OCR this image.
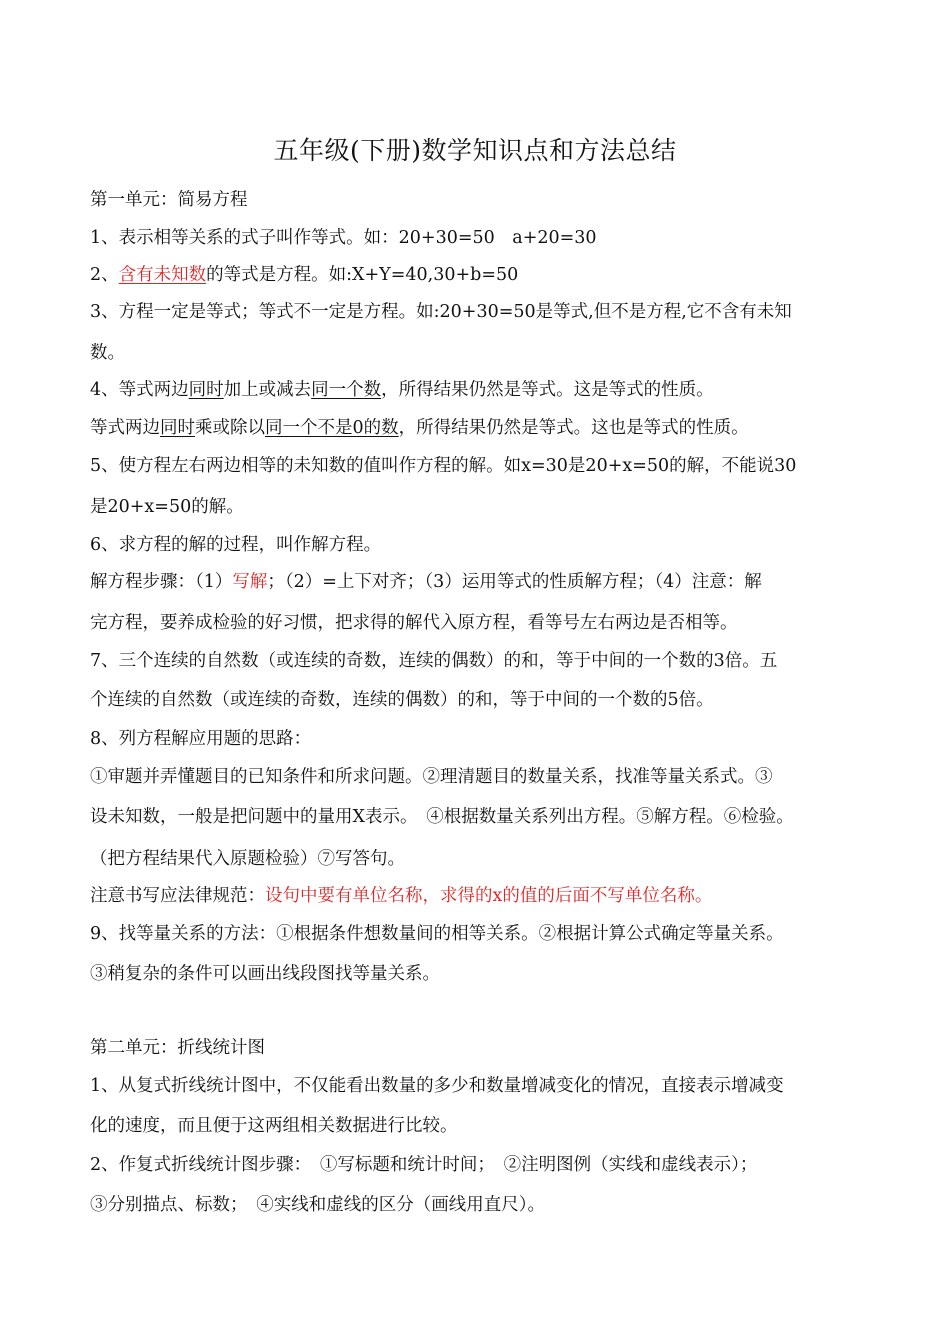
五年级(下册)数学知识点和方法总结
第一单元：简易方程
1、表示相等关系的式子叫作等式。如：20+30=50　a+20=30
2、含有未知数的等式是方程。如:X+Y=40,30+b=50
3、方程一定是等式；等式不一定是方程。如:20+30=50是等式,但不是方程,它不含有未知
数。
4、等式两边同时加上或减去同一个数，所得结果仍然是等式。这是等式的性质。
等式两边同时乘或除以同一个不是0的数，所得结果仍然是等式。这也是等式的性质。
5、使方程左右两边相等的未知数的值叫作方程的解。如x=30是20+x=50的解，不能说30
是20+x=50的解。
6、求方程的解的过程，叫作解方程。
解方程步骤：（1）写解；（2）=上下对齐；（3）运用等式的性质解方程；（4）注意：解
完方程，要养成检验的好习惯，把求得的解代入原方程，看等号左右两边是否相等。
7、三个连续的自然数（或连续的奇数，连续的偶数）的和，等于中间的一个数的3倍。五
个连续的自然数（或连续的奇数，连续的偶数）的和，等于中间的一个数的5倍。
8、列方程解应用题的思路：
①审题并弄懂题目的已知条件和所求问题。②理清题目的数量关系，找准等量关系式。③
设未知数，一般是把问题中的量用X表示。　④根据数量关系列出方程。⑤解方程。⑥检验。
（把方程结果代入原题检验）⑦写答句。
注意书写应法律规范：设句中要有单位名称，求得的x的值的后面不写单位名称。
9、找等量关系的方法：①根据条件想数量间的相等关系。②根据计算公式确定等量关系。
③稍复杂的条件可以画出线段图找等量关系。
第二单元：折线统计图
1、从复式折线统计图中，不仅能看出数量的多少和数量增减变化的情况，直接表示增减变
化的速度，而且便于这两组相关数据进行比较。
2、作复式折线统计图步骤：　①写标题和统计时间；　②注明图例（实线和虚线表示）；
③分别描点、标数；　④实线和虚线的区分（画线用直尺）。
